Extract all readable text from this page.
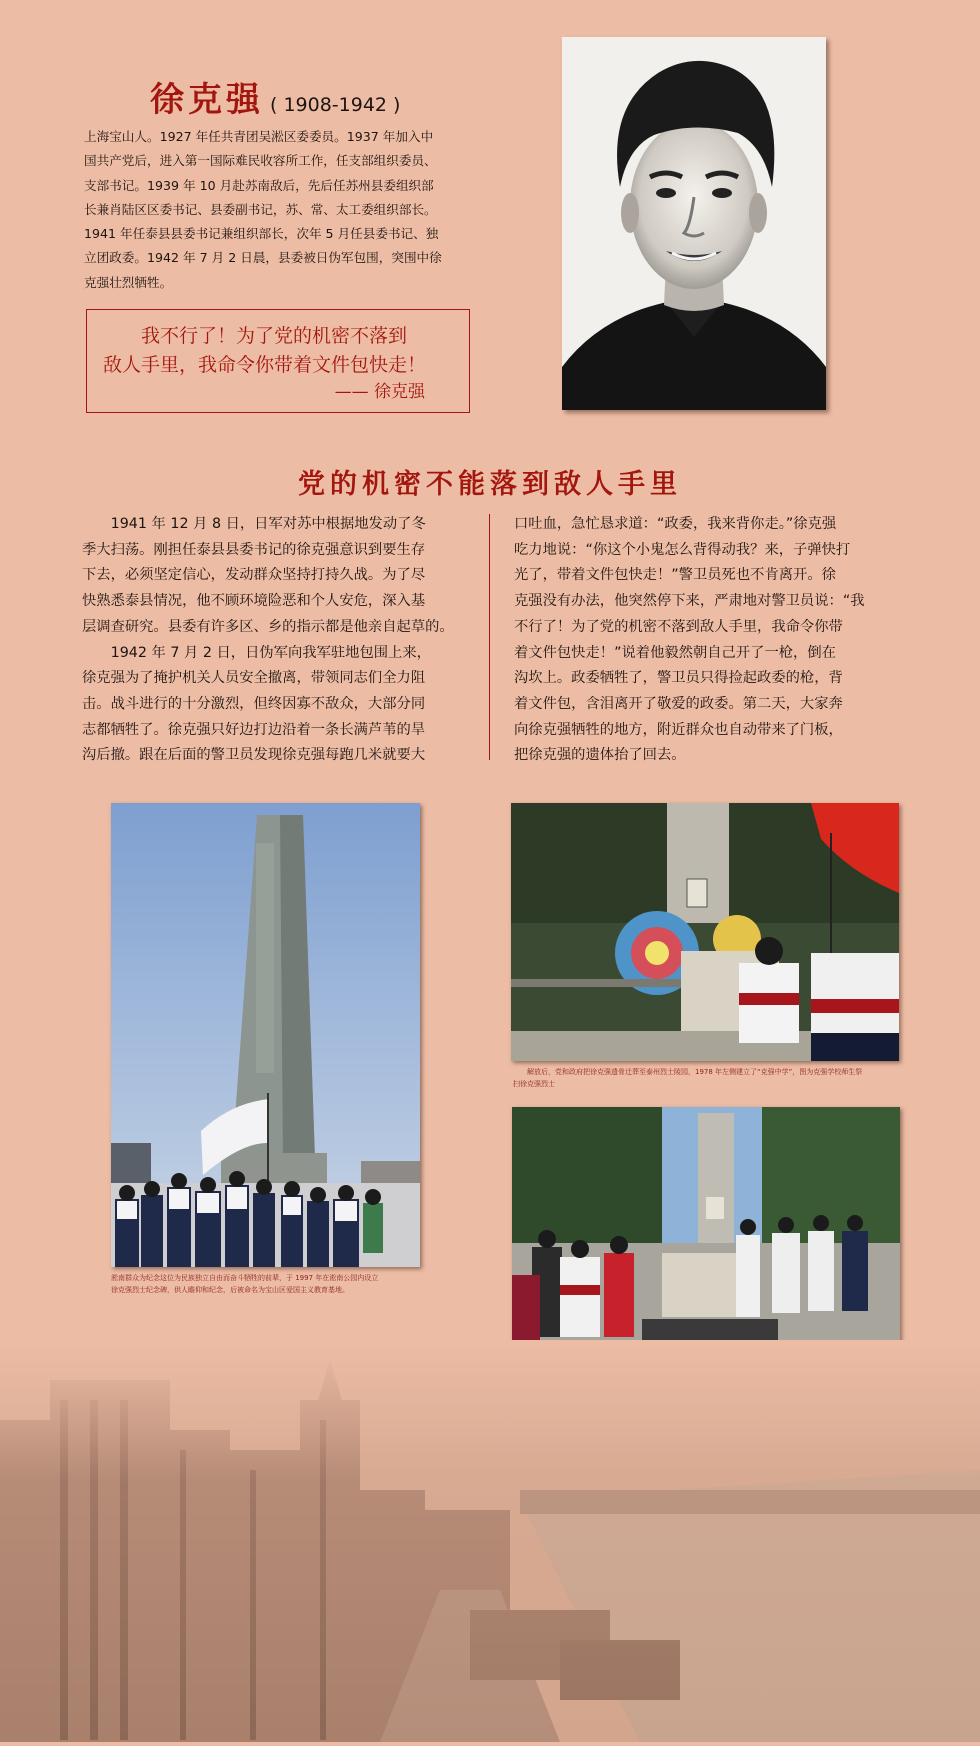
徐克强 ( 1908-1942 )
上海宝山人。1927 年任共青团吴淞区委委员。1937 年加入中
国共产党后，进入第一国际难民收容所工作，任支部组织委员、
支部书记。1939 年 10 月赴苏南敌后，先后任苏州县委组织部
长兼肖陆区区委书记、县委副书记，苏、常、太工委组织部长。
1941 年任泰县县委书记兼组织部长，次年 5 月任县委书记、独
立团政委。1942 年 7 月 2 日晨，县委被日伪军包围，突围中徐
克强壮烈牺牲。
我不行了！为了党的机密不落到
敌人手里，我命令你带着文件包快走！
—— 徐克强
党的机密不能落到敌人手里

1941 年 12 月 8 日，日军对苏中根据地发动了冬

季大扫荡。刚担任泰县县委书记的徐克强意识到要生存

下去，必须坚定信心，发动群众坚持打持久战。为了尽

快熟悉泰县情况，他不顾环境险恶和个人安危，深入基

层调查研究。县委有许多区、乡的指示都是他亲自起草的。

1942 年 7 月 2 日，日伪军向我军驻地包围上来，

徐克强为了掩护机关人员安全撤离，带领同志们全力阻

击。战斗进行的十分激烈，但终因寡不敌众，大部分同

志都牺牲了。徐克强只好边打边沿着一条长满芦苇的旱

沟后撤。跟在后面的警卫员发现徐克强每跑几米就要大

口吐血，急忙恳求道：“政委，我来背你走。”徐克强

吃力地说：“你这个小鬼怎么背得动我？来，子弹快打

光了，带着文件包快走！”警卫员死也不肯离开。徐

克强没有办法，他突然停下来，严肃地对警卫员说：“我

不行了！为了党的机密不落到敌人手里，我命令你带

着文件包快走！”说着他毅然朝自己开了一枪，倒在

沟坎上。政委牺牲了，警卫员只得捡起政委的枪，背

着文件包，含泪离开了敬爱的政委。第二天，大家奔

向徐克强牺牲的地方，附近群众也自动带来了门板，

把徐克强的遗体抬了回去。

淞南群众为纪念这位为民族独立自由而奋斗牺牲的前辈，于 1997 年在淞南公园内设立
徐克强烈士纪念碑，供人瞻仰和纪念，后被命名为宝山区爱国主义教育基地。
解放后，党和政府把徐克强遗骨迁葬至泰州烈士陵园，1978 年左侧建立了“克强中学”，图为克强学校师生祭
扫徐克强烈士
